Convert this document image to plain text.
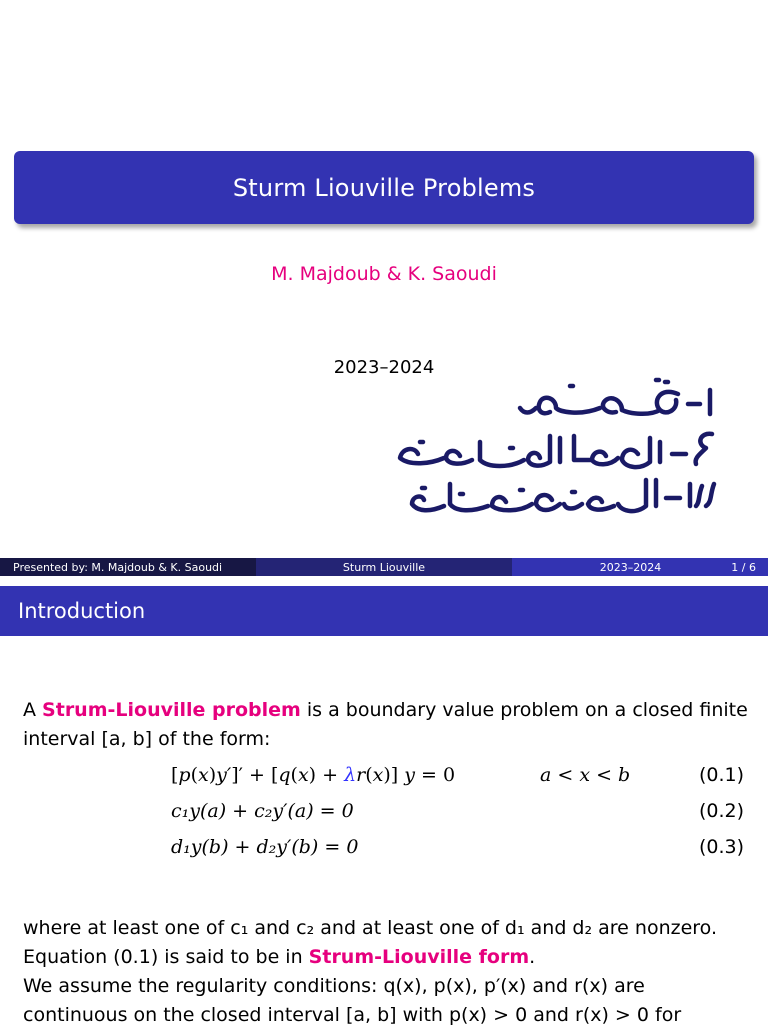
Sturm Liouville Problems
M. Majdoub & K. Saoudi
2023–2024
Presented by: M. Majdoub & K. Saoudi	Sturm Liouville	2023–2024	1 / 6
Introduction
A Strum-Liouville problem is a boundary value problem on a closed finite interval [a, b] of the form:
[p(x)y′]′ + [q(x) + λr(x)] y = 0	a < x < b	(0.1)
c₁y(a) + c₂y′(a) = 0	(0.2)
d₁y(b) + d₂y′(b) = 0	(0.3)
where at least one of c₁ and c₂ and at least one of d₁ and d₂ are nonzero.
Equation (0.1) is said to be in Strum-Liouville form.
We assume the regularity conditions: q(x), p(x), p′(x) and r(x) are
continuous on the closed interval [a, b] with p(x) > 0 and r(x) > 0 for
